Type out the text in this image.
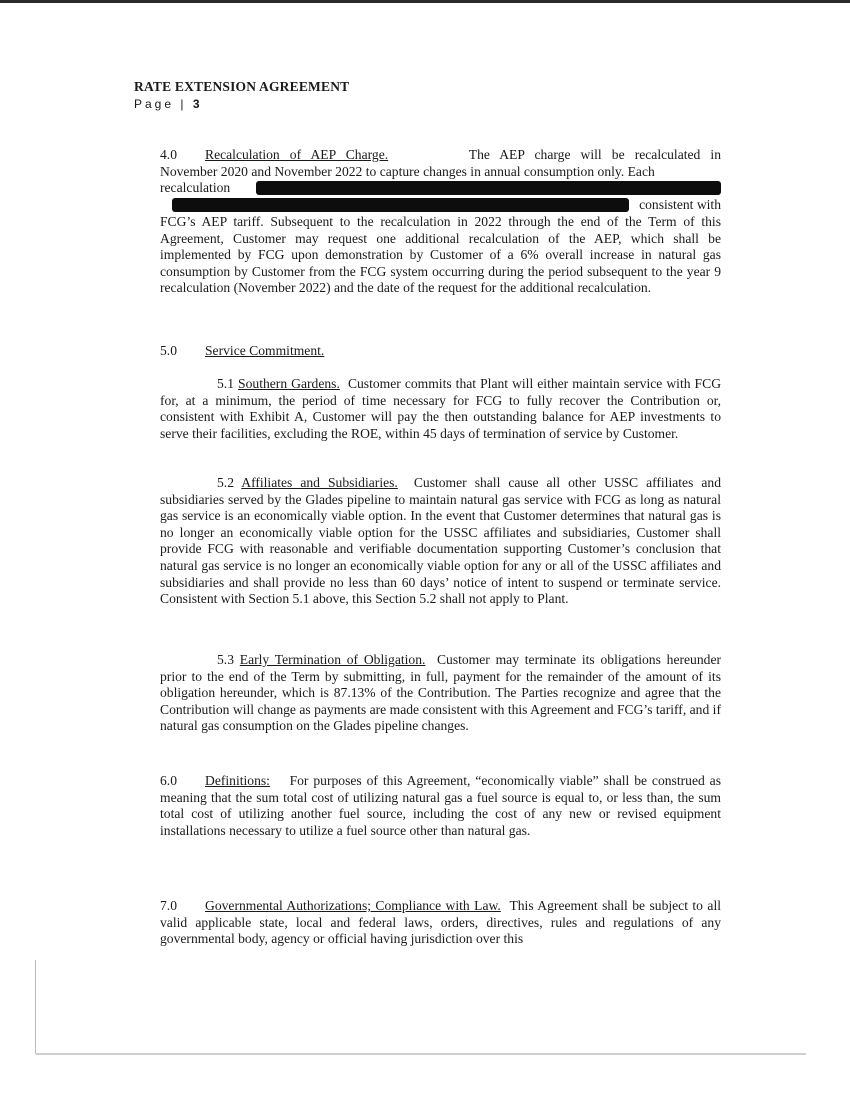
RATE EXTENSION AGREEMENT
Page | 3
4.0 Recalculation of AEP Charge.	The AEP charge will be recalculated in
November 2020 and November 2022 to capture changes in annual consumption only. Each
recalculation
consistent with
FCG’s AEP tariff. Subsequent to the recalculation in 2022 through the end of the Term of this Agreement, Customer may request one additional recalculation of the AEP, which shall be implemented by FCG upon demonstration by Customer of a 6% overall increase in natural gas consumption by Customer from the FCG system occurring during the period subsequent to the year 9 recalculation (November 2022) and the date of the request for the additional recalculation.
5.0 Service Commitment.
5.1 Southern Gardens. Customer commits that Plant will either maintain service with FCG for, at a minimum, the period of time necessary for FCG to fully recover the Contribution or, consistent with Exhibit A, Customer will pay the then outstanding balance for AEP investments to serve their facilities, excluding the ROE, within 45 days of termination of service by Customer.
5.2 Affiliates and Subsidiaries. Customer shall cause all other USSC affiliates and subsidiaries served by the Glades pipeline to maintain natural gas service with FCG as long as natural gas service is an economically viable option. In the event that Customer determines that natural gas is no longer an economically viable option for the USSC affiliates and subsidiaries, Customer shall provide FCG with reasonable and verifiable documentation supporting Customer’s conclusion that natural gas service is no longer an economically viable option for any or all of the USSC affiliates and subsidiaries and shall provide no less than 60 days’ notice of intent to suspend or terminate service. Consistent with Section 5.1 above, this Section 5.2 shall not apply to Plant.
5.3 Early Termination of Obligation. Customer may terminate its obligations hereunder prior to the end of the Term by submitting, in full, payment for the remainder of the amount of its obligation hereunder, which is 87.13% of the Contribution. The Parties recognize and agree that the Contribution will change as payments are made consistent with this Agreement and FCG’s tariff, and if natural gas consumption on the Glades pipeline changes.
6.0 Definitions: For purposes of this Agreement, “economically viable” shall be construed as meaning that the sum total cost of utilizing natural gas a fuel source is equal to, or less than, the sum total cost of utilizing another fuel source, including the cost of any new or revised equipment installations necessary to utilize a fuel source other than natural gas.
7.0 Governmental Authorizations; Compliance with Law. This Agreement shall be subject to all valid applicable state, local and federal laws, orders, directives, rules and regulations of any governmental body, agency or official having jurisdiction over this
